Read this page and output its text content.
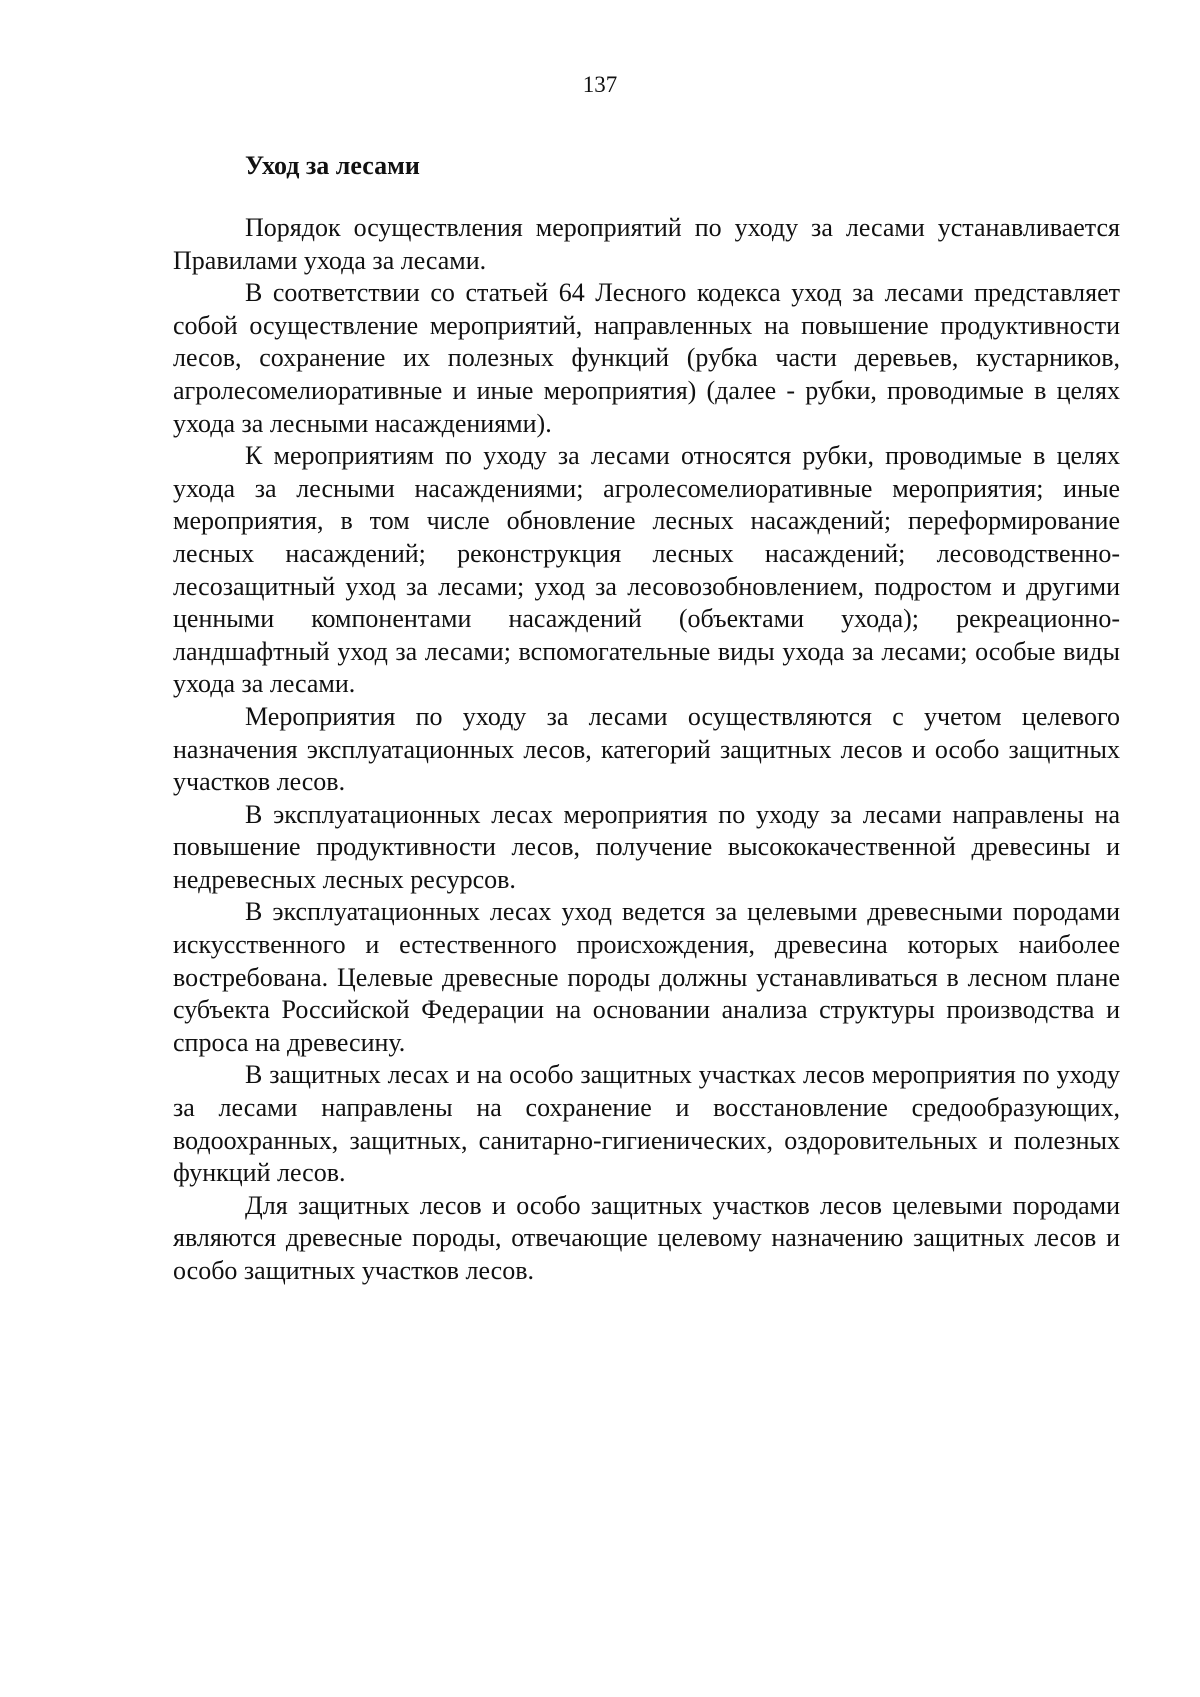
137
Уход за лесами

Порядок осуществления мероприятий по уходу за лесами устанавливается Правилами ухода за лесами.

В соответствии со статьей 64 Лесного кодекса уход за лесами представляет собой осуществление мероприятий, направленных на повышение продуктивности лесов, сохранение их полезных функций (рубка части деревьев, кустарников, агролесомелиоративные и иные мероприятия) (далее - рубки, проводимые в целях ухода за лесными насаждениями).

К мероприятиям по уходу за лесами относятся рубки, проводимые в целях ухода за лесными насаждениями; агролесомелиоративные мероприятия; иные мероприятия, в том числе обновление лесных насаждений; переформирование лесных насаждений; реконструкция лесных насаждений; лесоводственно-лесозащитный уход за лесами; уход за лесовозобновлением, подростом и другими ценными компонентами насаждений (объектами ухода); рекреационно-ландшафтный уход за лесами; вспомогательные виды ухода за лесами; особые виды ухода за лесами.

Мероприятия по уходу за лесами осуществляются с учетом целевого назначения эксплуатационных лесов, категорий защитных лесов и особо защитных участков лесов.

В эксплуатационных лесах мероприятия по уходу за лесами направлены на повышение продуктивности лесов, получение высококачественной древесины и недревесных лесных ресурсов.

В эксплуатационных лесах уход ведется за целевыми древесными породами искусственного и естественного происхождения, древесина которых наиболее востребована. Целевые древесные породы должны устанавливаться в лесном плане субъекта Российской Федерации на основании анализа структуры производства и спроса на древесину.

В защитных лесах и на особо защитных участках лесов мероприятия по уходу за лесами направлены на сохранение и восстановление средообразующих, водоохранных, защитных, санитарно-гигиенических, оздоровительных и полезных функций лесов.

Для защитных лесов и особо защитных участков лесов целевыми породами являются древесные породы, отвечающие целевому назначению защитных лесов и особо защитных участков лесов.
